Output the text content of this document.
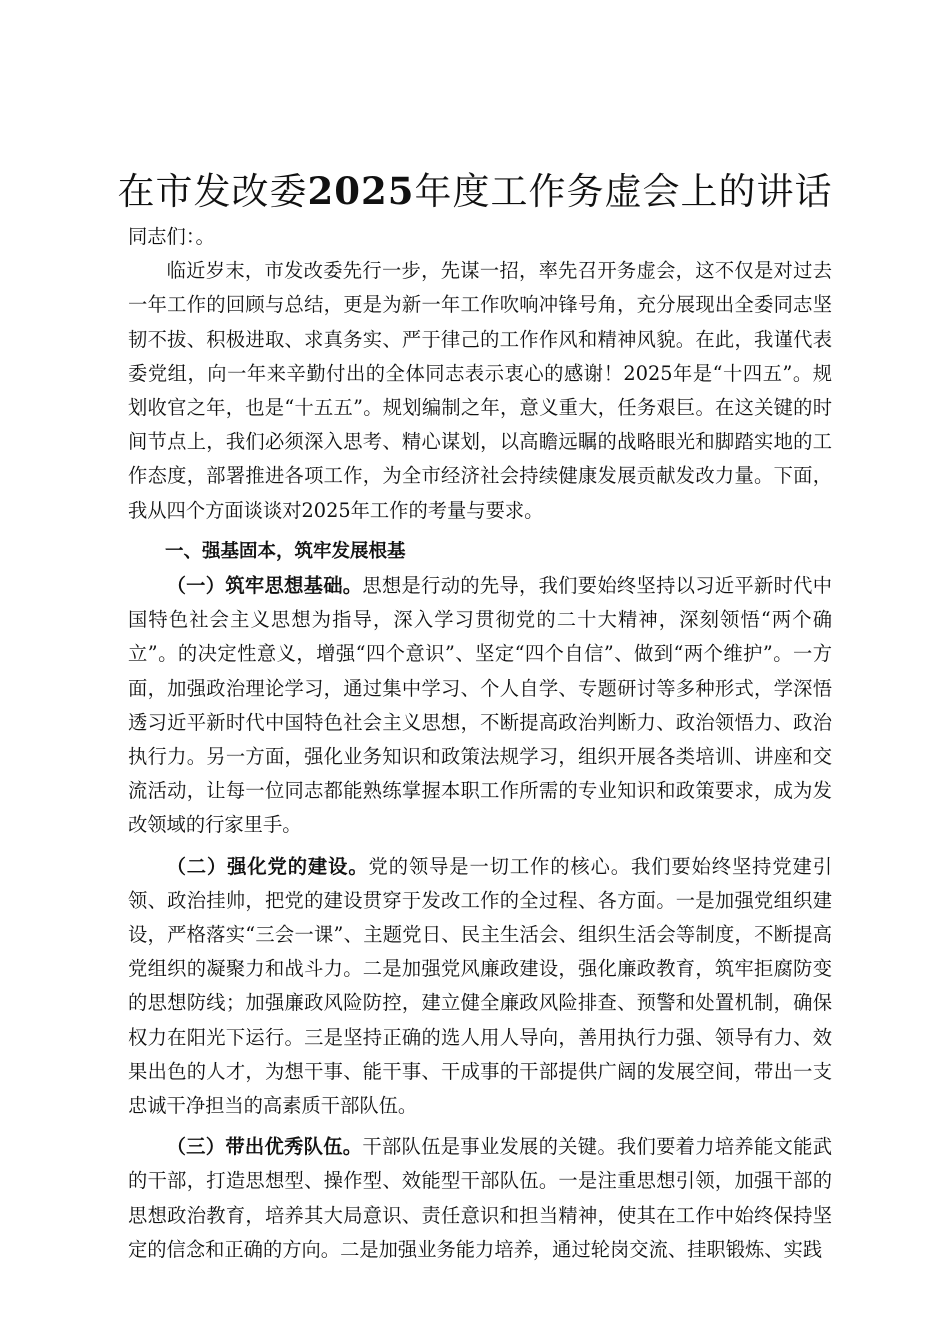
在市发改委2025年度工作务虚会上的讲话

同志们：。

临近岁末，市发改委先行一步，先谋一招，率先召开务虚会，这不仅是对过去一年工作的回顾与总结，更是为新一年工作吹响冲锋号角，充分展现出全委同志坚韧不拔、积极进取、求真务实、严于律己的工作作风和精神风貌。在此，我谨代表委党组，向一年来辛勤付出的全体同志表示衷心的感谢！2025年是“十四五”。规划收官之年，也是“十五五”。规划编制之年，意义重大，任务艰巨。在这关键的时间节点上，我们必须深入思考、精心谋划，以高瞻远瞩的战略眼光和脚踏实地的工作态度，部署推进各项工作，为全市经济社会持续健康发展贡献发改力量。下面，我从四个方面谈谈对2025年工作的考量与要求。

一、强基固本，筑牢发展根基

（一）筑牢思想基础。思想是行动的先导，我们要始终坚持以习近平新时代中国特色社会主义思想为指导，深入学习贯彻党的二十大精神，深刻领悟“两个确立”。的决定性意义，增强“四个意识”、坚定“四个自信”、做到“两个维护”。一方面，加强政治理论学习，通过集中学习、个人自学、专题研讨等多种形式，学深悟透习近平新时代中国特色社会主义思想，不断提高政治判断力、政治领悟力、政治执行力。另一方面，强化业务知识和政策法规学习，组织开展各类培训、讲座和交流活动，让每一位同志都能熟练掌握本职工作所需的专业知识和政策要求，成为发改领域的行家里手。

（二）强化党的建设。党的领导是一切工作的核心。我们要始终坚持党建引领、政治挂帅，把党的建设贯穿于发改工作的全过程、各方面。一是加强党组织建设，严格落实“三会一课”、主题党日、民主生活会、组织生活会等制度，不断提高党组织的凝聚力和战斗力。二是加强党风廉政建设，强化廉政教育，筑牢拒腐防变的思想防线；加强廉政风险防控，建立健全廉政风险排查、预警和处置机制，确保权力在阳光下运行。三是坚持正确的选人用人导向，善用执行力强、领导有力、效果出色的人才，为想干事、能干事、干成事的干部提供广阔的发展空间，带出一支忠诚干净担当的高素质干部队伍。

（三）带出优秀队伍。干部队伍是事业发展的关键。我们要着力培养能文能武的干部，打造思想型、操作型、效能型干部队伍。一是注重思想引领，加强干部的思想政治教育，培养其大局意识、责任意识和担当精神，使其在工作中始终保持坚定的信念和正确的方向。二是加强业务能力培养，通过轮岗交流、挂职锻炼、实践
